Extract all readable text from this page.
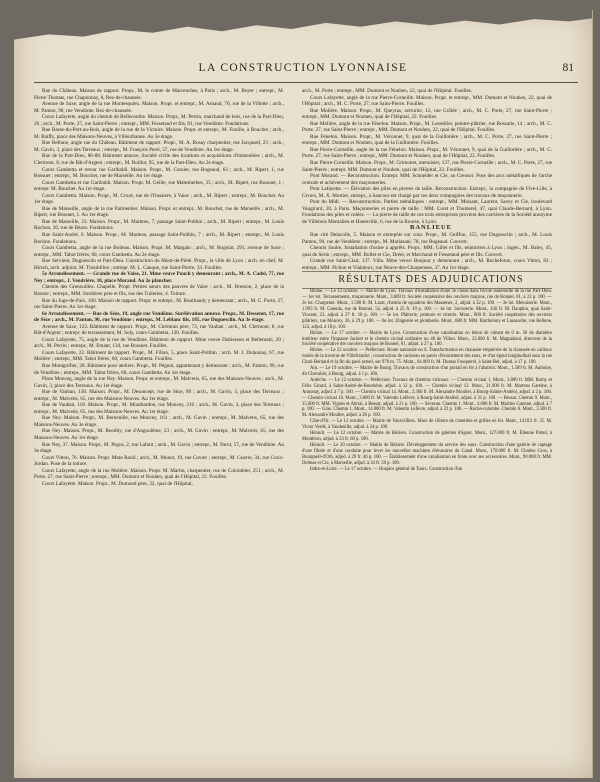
LA CONSTRUCTION LYONNAISE	81

Rue du Château. Maison de rapport. Propr., M. le comte de Marcenches, à Paris ; arch., M. Boyer ; entrepr., M. Pierre Thomas, rue Chaponnay, 8, Rez-de-chaussée.

Avenue de Saxe, angle de la rue Montesquieu. Maison. Propr. et entrepr., M. Arnaud, 70, rue de la Villette ; arch., M. Panton, 90, rue Vendôme. Rez-de-chaussée.

Cours Lafayette, angle du chemin de Bellecombe. Maison. Propr., M. Perrin, marchand de bois, rue de la Part-Dieu, 26 ; arch., M. Porte, 27, rue Saint-Pierre ; entrepr., MM. Fessetaud et fils, 81, rue Vendôme. Fondations.

Rue Basse-du-Port-au-Bois, angle de la rue de la Victoire. Maison. Propr. et entrepr., M. Fouille, à Bouchet ; arch., M. Baiffy, place des Maisons-Neuves, à Villeurbanne. Au 3e étage.

Rue Bellune, angle rue du Château. Bâtiment de rapport. Propr., M. A. Rosay charpentier, rue Jacquard, 23 ; arch., M. Gavin, 3, place des Terreaux ; entrepr., M. François Perel, 57, rue de Vendôme. Au 1er étage.

Rue de la Part-Dieu, 86-88. Bâtiment annexe, Société civile des locations et acquisitions d'immeubles ; arch., M. Clermont, 8, rue de Bât-d'Argent ; entrepr., M. Boillot, 95, rue de la Part-Dieu. Au 2e étage.

Cours Gambetta et retour rue Garibaldi. Maison. Propr., M. Cussier, rue Bugeaud, 63 ; arch., M. Ripert, 1, rue Bossuet ; entrepr., M. Bouchet, rue de Marseille. Au 1er étage.

Cours Gambetta et rue Garibaldi. Maison. Propr. M. Geille, rue Malesherbes, 35 ; arch., M. Ripert, rue Bossuet, 1 ; entrepr. M. Bouchet. Au 1er étage.

Cours Gambetta. Maison. Propr., M. Crozé, rue de l'Oussiere, à Vaise ; arch., M. Ripert ; entrepr., M. Bouchet. Au 1er étage.

Rue de Marseille, angle de la rue Parmentier. Maison. Propr. et entrepr., M. Bouchet, rue de Marseille ; arch., M. Ripert, rue Bossuet, 1. Au 1er étage.

Rue de Marseille, 23. Maison. Propr., M. Martenu, 7, passage Saint-Polthin ; arch., M. Ripert ; entrepr., M. Louis Rochon, 20, rue de Béarn. Fondations.

Rue Saint-André, 6. Maison. Propr., M. Marteau, passage Saint-Polthin, 7 ; arch., M. Ripert ; entrepr., M. Louis Rochon. Fondations.

Cours Gambetta, angle de la rue Boileau. Maison. Propr. M. Margain ; arch., M. Rogniat, 291, avenue de Saxe ; entrepr., MM. Tabot frères, 60, cours Gambetta. Au 2e étage.

Rue Servient, Duguesclin et Part-Dieu. Construction du Mont-de-Piété. Propr., la ville de Lyon ; arch. en chef, M. Hirsch, arch. adjoint, M. Thoubillon ; entrepr. M. L. Canque, rue Saint-Pierre, 33. Fouilles.

5e Arrondissement. — Grande rue de Vaise, 21. Mme veuve Pouch y demeurant ; arch., M. A. Cadel, 77, rue Ney ; entrepr., J. Vendrière, 10, place Morand. Au 2e plancher.

Chemin des Grenouilles. Chapelle. Propr. Petites sœurs des pauvres de Vaise ; arch., M. Bresson, 2, place de la Bourse ; entrepr., MM. Sordières père et fils, rue des Tuileries, 4. Toiture.

Rue du Juge-de-Paix, 100. Maison de rapport. Propr. et entrepr., M. Bourbaudy y demeurant ; arch., M. C. Porte, 27, rue Saint-Pierre. Au 1er étage.

6e Arrondissement. — Rue de Sèze, 19, angle rue Vendôme. Surélévation annexe. Propr., M. Dessenet, 17, rue de Sèze ; arch., M. Panton, 90, rue Vendôme ; entrepr., M. Leblanc fils, 185, rue Duguesclin. Au 3e étage.

Avenue de Saxe, 123. Bâtiment de rapport. Propr., M. Clermont père, 73, rue Vauban ; arch., M. Clermont, 8, rue Bât-d'Argent ; entrepr. de terrassement, M. Soly, cours Gambetta, 130. Fouilles.

Cours Lafayette, 75, angle de la rue de Vendôme. Bâtiment de rapport. Mme veuve Dubiesson et Bellemain, 20 ; arch., M. Perrin ; entrepr., M. Emant, 134, rue Bossuet. Fouilles.

Cours Lafayette, 22. Bâtiment de rapport. Propr., M. Filion, 5, place Saint-Polthin ; arch. M. J. Dulaunay, 67, rue Molière ; entrepr., MM. Tabot frères, 60, cours Gambetta. Fouilles.

Rue Montgolfier, 28. Bâtiment pour ateliers. Propr., M. Pégout, appartenant y demeurant ; arch., M. Panton, 90, rue de Vendôme ; entrepr., MM. Tabot frères, 60, cours Gambetta. Au 1er étage.

Place Monceg, angle de la rue Ney. Maison. Propr. et entrepr., M. Malvetis, 65, rue des Maisons-Neuves ; arch., M. Gavin, 3, place des Terreaux. Au 1er étage.

Rue de Vauban, 130. Maison. Propr., M. Desoncept, rue de Sèze, 89 ; arch., M. Gavin, 3, place des Terreaux ; entrepr., M. Malvetis, 65, rue des Maisons-Neuves. Au 1er étage.

Rue de Vauban, 118. Maison. Propr., M. Moutbardon, rue Moncey, 216 ; arch., M. Gavin, 3, place des Terreaux ; entrepr., M. Malvetis, 65, rue des Maisons-Neuves. Au 1er étage.

Rue Ney. Maison. Propr., M. Berneuille, rue Moncey, 161 ; arch., M. Gavin ; entrepr., M. Malvetis, 65, rue des Maisons-Neuves. Au 3e étage.

Rue Ney. Maison. Propr., M. Reodity, rue d'Angoulême, 23 ; arch., M. Gavin ; entrepr., M. Malvetis, 65, rue des Maisons-Neuves. Au 1er étage.

Rue Ney, 37. Maison. Propr., M. Pegos, 2, rue Lafont ; arch., M. Gavin ; entrepr., M. Parot, 57, rue de Vendôme. Au 3e étage.

Cours Vitton, 76. Maison. Propr. Mme Rouil ; arch., M. Monot, 19, rue Cuvier ; entrepr., M. Guerre, 34, rue Croix-Jordan. Pose de la toiture.

Cours Lafayette, angle de la rue Molière. Maison. Propr. M. Martin, charpentier, rue de Colombier, 251 ; arch., M. Porte, 27, rue Saint-Pierre ; entrepr., MM. Dumont et Nouhen, quai de l'Hôpital, 22. Fouilles.

Cours Lafayette. Maison. Propr., M. Dumond père, 22, quai de l'Hôpital,

arch., M. Porte ; entrepr., MM. Dumont et Nouhen, 22, quai de l'Hôpital. Fouilles.

Cours Lafayette, angle de la rue Pierre-Corneille. Maison. Propr. et entrepr., MM. Dumont et Nouhen, 22, quai de l'Hôpital ; arch., M. C. Porte, 27, rue Saint-Pierre. Fouilles.

Rue Molière. Maison. Propr., M. Queyras, serrurier, 12, rue Grôlée ; arch., M. C. Porte, 27, rue Saint-Pierre ; entrepr., MM. Dumont et Nouhen, quai de l'Hôpital, 22. Fouilles.

Rue Molière, angle de la rue Fénelon. Maison. Propr., M. Lessellier, peintre-plâtrier, rue Rossarie, 14 ; arch., M. C. Porte, 27, rue Saint-Pierre ; entrepr., MM. Dumont et Nouhen, 22, quai de l'Hôpital. Fouilles.

Rue Fénelon. Maison. Propr., M. Véronnet, 9, quai de la Guillotière ; arch., M. C. Porte, 27, rue Saint-Pierre ; entrepr., MM. Dumont et Nouhen, quai de la Guillotière. Fouilles.

Rue Pierre-Corneille, angle de la rue Fénelon. Maison. Propr., M. Véronnet, 9, quai de la Guillotière ; arch., M. C. Porte, 27, rue Saint-Pierre ; entrepr., MM. Dumont et Nouhen, quai de l'Hôpital, 22. Fouilles.

Rue Pierre-Corneille. Maison. Propr., M. Grimonet, menuisier, 137, rue Pierre-Corneille ; arch., M. C. Porte, 27, rue Saint-Pierre ; entrepr. MM. Dumont et Nouhen, quai de l'Hôpital, 22. Fouilles.

Pont Morand. — Reconstruction. Entrepr. MM. Schneider et Cie, au Creusot. Pose des arcs métalliques de l'arche centrale et achèvement des maçonneries.

Pont Lafayette. — Élévation des piles en pierres de taille. Reconstruction. Entrepr., la compagnie de Five-Lille, à Givors, M. X. Mortier, entrepr., à Saucour est chargé par ces deux compagnies des travaux de maçonnerie.

Pont du Midi. — Reconstruction. Parties métalliques : entrepr., MM. Moisant, Laurent, Savey et Cie, boulevard Vaugirard, 20, à Paris. Maçonneries et pierre de taille : MM. Curet et Thumerel, 47, quai Claude-Bernard, à Lyon. Fondations des piles et culées. — La pierre de taille de ces trois entreprises provient des carrières de la Société anonyme de Villebois Montalieu et Hauteville, 6, rue de la Bourse, à Lyon.

BANLIEUE

Rue cité Delacolle, 5. Maison et entrepôts sur cour. Propr., M. Geiffon, 155, rue Duguesclin ; arch., M. Louis Panton, 90, rue de Vendôme ; entrepr., M. Mariasani, 78, rue Bugeaud. Couvert.

Chemin Saulte, Installation d'usine à apprêts. Propr., MM. Gillet et fils, teinturiers à Lyon ; ingén., M. Baley, 45, quai de Serin ; entrepr., MM. Bollet et Cie, Dréel, et Marchand et Fessetaud père et fils. Couvert.

Grande rue Saint-Clair, 137. Villa. Mme veuve Bonjour y demeurant ; arch., M. Rochefoton, cours Vitton, 83 ; entrepr., MM. Pichon et Vialatoux, rue Neuve-des-Charpennes, 37. Au 1er étage.

RÉSULTATS DES ADJUDICATIONS

Rhône. — Le 12 octobre. — Mairie de Lyon. Travaux d'installation d'une 3e classe dans l'école maternelle de la rue Part-Dieu. — 1er lot. Terrassements, maçonnerie. Mont., 3.609 fr. Société coopérative des ouvriers maçons, rue de Bonnel, 81, à 22 p. 100. — 2e lot. Charpente. Mont., 1.590 fr. M. Larat, chemin de squadron des Massenes, 2, adjud. à 32 p. 100. — 3e lot. Menuiserie. Mont., 1.993 fr. M. Guenda, rue de Bonnel, 54, adjud. à 25 fr. 19 p. 100. — 4e lot. Serrurerie. Mont., 436 fr. M. Dauphin, quai Saint-Vincent, 23, adjud. à 27 fr. 10 p. 100. — 5e lot. Plâtrerie, peinture et vitrerie. Mont., 900 fr. Société coopérative des ouvriers plâtriers, rue Moncey, 26, à 29 p. 100. — 6e lot. Zinguerie et plomberie. Mont., 680 fr. MM. Bartholony et Lassauche, rue Bellune, 123, adjud. à 18 p. 100.

Rhône. — Le 17 octobre. — Mairie de Lyon. Construction d'une canalisation en béton de ciment de 0 m. 50 de diamètre intérieur entre l'impasse Jacinet et le chemin vicinal ordinaire no 48 de Villon. Mont., 23.000 fr. M. Magnaboni, directeur de la Société coopérative des ouvriers maçons de Bonnel, 81, adjud. à 27 p. 100.

Rhône. — Le 22 octobre. — Préfecture. Route nationale no 6. Transformation en chaussée empierrée de la chaussée en cailloux roulés de la traverse de Villefranche ; construction de caniveau en pavés d'écoulement des eaux, et d'un égout longitudinal sous la rue Chari-Bernard et la fin du pavé actuel, sur 970 m. 75. Mont., 64.069 fr. M. Dumas Fouquerel, à Saint-Bel, adjud. à 17 p. 100.

Ain. — Le 19 octobre. — Mairie de Bourg. Travaux de construction d'un portail en fer à l'abattoir. Mont., 1.589 fr. M. Auboine, dit Chevalier, à Bourg, adjud. à 1 p. 100.

Ardèche. — Le 12 octobre. — Préfecture. Travaux de chemins vicinaux. — Chemin vicinal 1, Mont., 3.800 fr. MM. Romy et Félix Girard, à Saint-André-de-Bourbène, adjud. à 12 p. 100. — Chemin vicinal 12. Mont., 21.000 fr. M. Martens Gareine, à Annonay, adjud. à 7 p. 100. — Chemin vicinal 14. Mont., 2.300 fr. M. Alexandre Moulier, à Bourg-Sainte-Andéol, adjud. à 2 p. 100. — Chemin vicinal 16. Mont., 3.000 fr. M. Valentin Lefèvre, à Bourg-Saint-Andéol, adjud. à 31 p. 100. — Bessat. Chemin 9. Mont., 15.000 fr. MM. Vignes et Abrial, à Bessat, adjud. à 21 p. 100. — Séveran. Chemin 1. Mont., 4.000 fr. M. Martins Gareine, adjud. à 7 p. 100. — Gras. Chemin 1. Mont., 14.000 fr. M. Valentin Lefèvre, adjud. à 22 p. 100. — Roche-colombe. Chemin 6. Mont., 3.500 fr. M. Alexandre Moulier, adjud. à 26 p. 100.

Côte-d'Or. — Le 12 octobre. — Mairie de Vauxvilliers. Murs de clôture de cimetière et grilles en fer. Mont., 14.012 fr. 35. M. Victor Verdé, à Vaudenille, adjud. à 24 p. 100.

Hérault. — Le 12 octobre. — Mairie de Béziers. Construction de galeries d'égout. Mont., 127.009 fr. M. Étienne Partel, à Montbrun, adjud. à 23 fr. 60 p. 100.

Hérault. — Le 20 octobre. — Mairie de Béziers. Développement du service des eaux. Construction d'une galerie de captage d'une filtrée et d'une conduite pour lever les nouvelles machines élévatoires du Canal. Mont., 170.000 fr. M. Charles Gros, à Bourgueil-d'Orb, adjud. à 29 fr. 40 p. 100. — Établissement d'une canalisation en fonte avec ses accessoires. Mont., 90.000 fr. MM. Delmas et Cie, à Marseille, adjud. à 34 fr. 50 p. 100.

Indre-et-Loire. — Le 17 octobre. — Hospice général de Tours. Construction d'un
